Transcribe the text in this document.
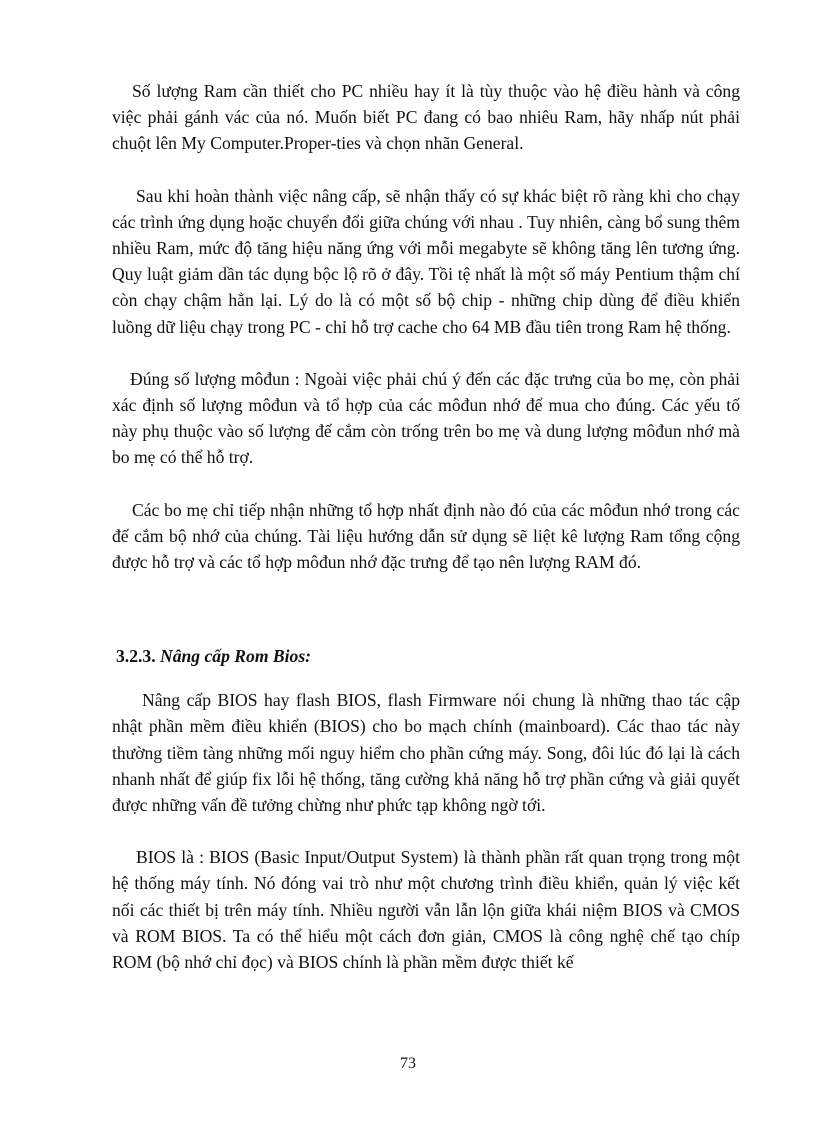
Số lượng Ram cần thiết cho PC nhiều hay ít là tùy thuộc vào hệ điều hành và công việc phải gánh vác của nó. Muốn biết PC đang có bao nhiêu Ram, hãy nhấp nút phải chuột lên My Computer.Proper-ties và chọn nhãn General.

Sau khi hoàn thành việc nâng cấp, sẽ nhận thấy có sự khác biệt rõ ràng khi cho chạy các trình ứng dụng hoặc chuyển đổi giữa chúng với nhau . Tuy nhiên, càng bổ sung thêm nhiều Ram, mức độ tăng hiệu năng ứng với mỗi megabyte sẽ không tăng lên tương ứng. Quy luật giảm dần tác dụng bộc lộ rõ ở đây. Tồi tệ nhất là một số máy Pentium thậm chí còn chạy chậm hẳn lại. Lý do là có một số bộ chip - những chip dùng để điều khiển luồng dữ liệu chạy trong PC - chỉ hỗ trợ cache cho 64 MB đầu tiên trong Ram hệ thống.

Đúng số lượng môđun : Ngoài việc phải chú ý đến các đặc trưng của bo mẹ, còn phải xác định số lượng môđun và tổ hợp của các môđun nhớ để mua cho đúng. Các yếu tố này phụ thuộc vào số lượng đế cắm còn trống trên bo mẹ và dung lượng môđun nhớ mà bo mẹ có thể hỗ trợ.

Các bo mẹ chỉ tiếp nhận những tổ hợp nhất định nào đó của các môđun nhớ trong các đế cắm bộ nhớ của chúng. Tài liệu hướng dẫn sử dụng sẽ liệt kê lượng Ram tổng cộng được hỗ trợ và các tổ hợp môđun nhớ đặc trưng để tạo nên lượng RAM đó.

3.2.3. Nâng cấp Rom Bios:

Nâng cấp BIOS hay flash BIOS, flash Firmware nói chung là những thao tác cập nhật phần mềm điều khiển (BIOS) cho bo mạch chính (mainboard). Các thao tác này thường tiềm tàng những mối nguy hiểm cho phần cứng máy. Song, đôi lúc đó lại là cách nhanh nhất để giúp fix lỗi hệ thống, tăng cường khả năng hỗ trợ phần cứng và giải quyết được những vấn đề tưởng chừng như phức tạp không ngờ tới.

BIOS là : BIOS (Basic Input/Output System) là thành phần rất quan trọng trong một hệ thống máy tính. Nó đóng vai trò như một chương trình điều khiển, quản lý việc kết nối các thiết bị trên máy tính. Nhiều người vẫn lẫn lộn giữa khái niệm BIOS và CMOS và ROM BIOS. Ta có thể hiểu một cách đơn giản, CMOS là công nghệ chế tạo chíp ROM (bộ nhớ chỉ đọc) và BIOS chính là phần mềm được thiết kế

73
